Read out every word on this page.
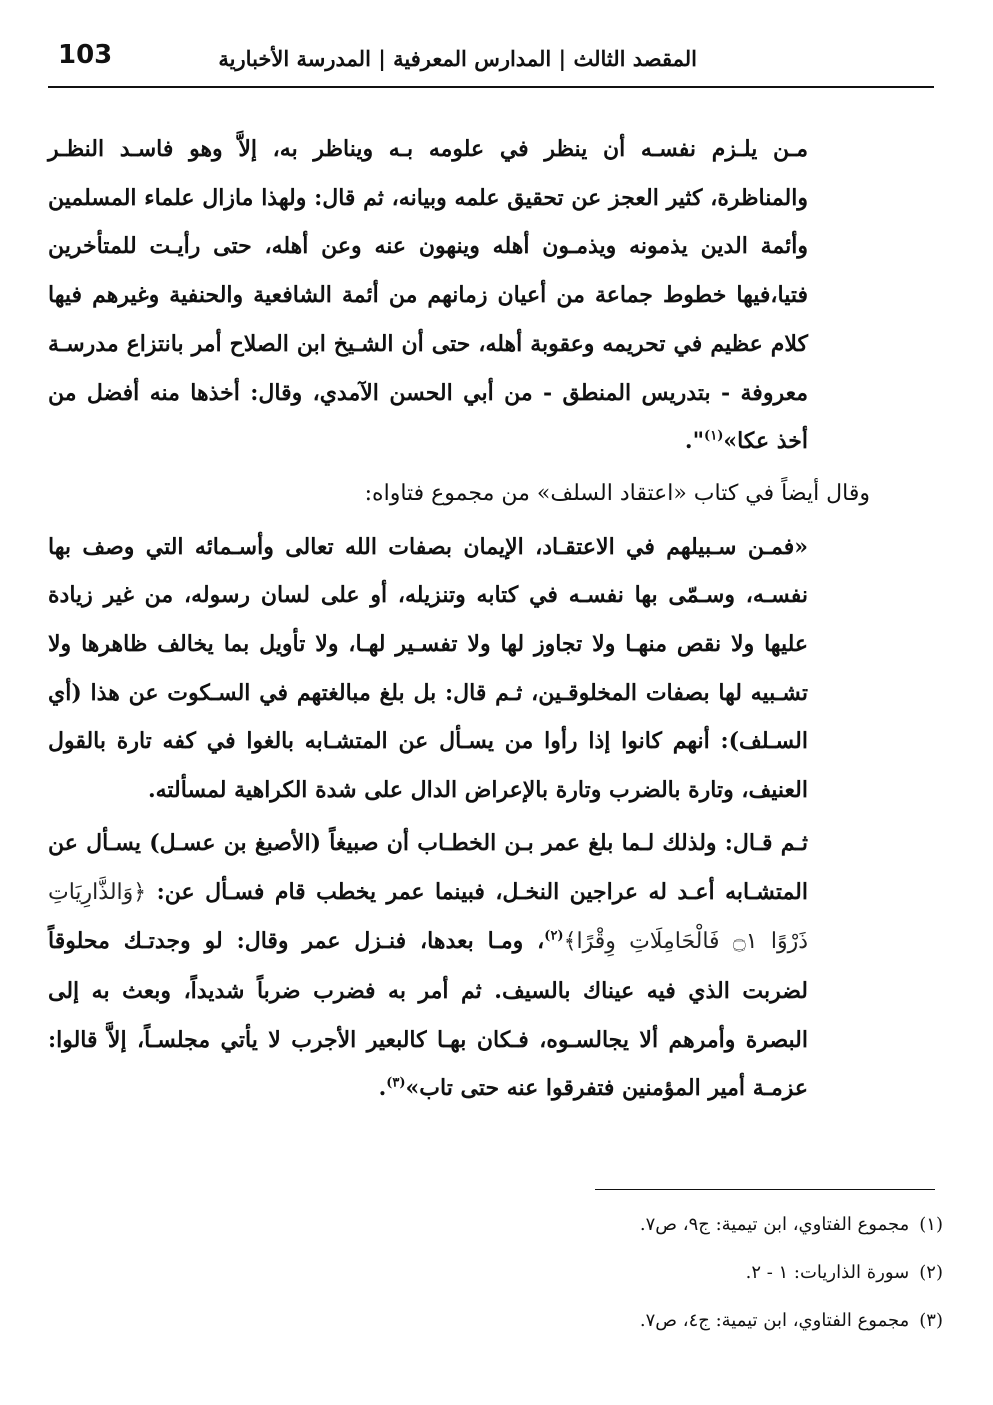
103	المقصد الثالث | المدارس المعرفية | المدرسة الأخبارية

مـن يلـزم نفسـه أن ينظر في علومه بـه ويناظر به، إلاَّ وهو فاسـد النظـر والمناظرة، كثير العجز عن تحقيق علمه وبيانه، ثم قال: ولهذا مازال علماء المسلمين وأئمة الدين يذمونه ويذمـون أهله وينهون عنه وعن أهله، حتى رأيـت للمتأخرين فتيا،فيها خطوط جماعة من أعيان زمانهم من أئمة الشافعية والحنفية وغيرهم فيها كلام عظيم في تحريمه وعقوبة أهله، حتى أن الشـيخ ابن الصلاح أمر بانتزاع مدرسـة معروفة - بتدريس المنطق - من أبي الحسن الآمدي، وقال: أخذها منه أفضل من أخذ عكا»$^{(١)}$".

وقال أيضاً في كتاب «اعتقاد السلف» من مجموع فتاواه:

«فمـن سـبيلهم في الاعتقـاد، الإيمان بصفات الله تعالى وأسـمائه التي وصف بها نفسـه، وسـمّى بها نفسـه في كتابه وتنزيله، أو على لسان رسوله، من غير زيادة عليها ولا نقص منهـا ولا تجاوز لها ولا تفسـير لهـا، ولا تأويل بما يخالف ظاهرها ولا تشـبيه لها بصفات المخلوقـين، ثـم قال: بل بلغ مبالغتهم في السـكوت عن هذا (أي السـلف): أنهم كانوا إذا رأوا من يسـأل عن المتشـابه بالغوا في كفه تارة بالقول العنيف، وتارة بالضرب وتارة بالإعراض الدال على شدة الكراهية لمسألته.

ثـم قـال: ولذلك لـما بلغ عمر بـن الخطـاب أن صبيغاً (الأصبغ بن عسـل) يسـأل عن المتشـابه أعـد له عراجين النخـل، فبينما عمر يخطب قام فسـأل عن: ﴿وَالذَّارِيَاتِ ذَرْوًا ۝١ فَالْحَامِلَاتِ وِقْرًا﴾$^{(٢)}$، ومـا بعدها، فنـزل عمر وقال: لو وجدتـك محلوقاً لضربت الذي فيه عيناك بالسيف. ثم أمر به فضرب ضرباً شديداً، وبعث به إلى البصرة وأمرهم ألا يجالسـوه، فـكان بهـا كالبعير الأجرب لا يأتي مجلسـاً، إلاَّ قالوا: عزمـة أمير المؤمنين فتفرقوا عنه حتى تاب»$^{(٣)}$.

(١)مجموع الفتاوي، ابن تيمية: ج٩، ص٧.
(٢)سورة الذاريات: ١ - ٢.
(٣)مجموع الفتاوي، ابن تيمية: ج٤، ص٧.
